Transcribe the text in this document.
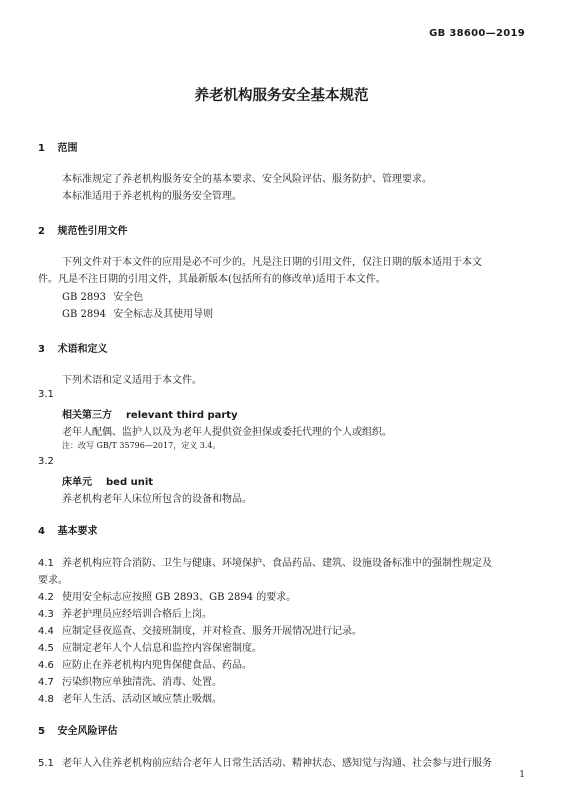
GB 38600—2019
养老机构服务安全基本规范
1 范围
本标准规定了养老机构服务安全的基本要求、安全风险评估、服务防护、管理要求。
本标准适用于养老机构的服务安全管理。
2 规范性引用文件
下列文件对于本文件的应用是必不可少的。凡是注日期的引用文件，仅注日期的版本适用于本文
件。凡是不注日期的引用文件，其最新版本(包括所有的修改单)适用于本文件。
GB 2893 安全色
GB 2894 安全标志及其使用导则
3 术语和定义
下列术语和定义适用于本文件。
3.1
相关第三方 relevant third party
老年人配偶、监护人以及为老年人提供资金担保或委托代理的个人或组织。
注：改写 GB/T 35796—2017，定义 3.4。
3.2
床单元 bed unit
养老机构老年人床位所包含的设备和物品。
4 基本要求
4.1 养老机构应符合消防、卫生与健康、环境保护、食品药品、建筑、设施设备标准中的强制性规定及
要求。
4.2 使用安全标志应按照 GB 2893、GB 2894 的要求。
4.3 养老护理员应经培训合格后上岗。
4.4 应制定昼夜巡查、交接班制度，并对检查、服务开展情况进行记录。
4.5 应制定老年人个人信息和监控内容保密制度。
4.6 应防止在养老机构内兜售保健食品、药品。
4.7 污染织物应单独清洗、消毒、处置。
4.8 老年人生活、活动区域应禁止吸烟。
5 安全风险评估
5.1 老年人入住养老机构前应结合老年人日常生活活动、精神状态、感知觉与沟通、社会参与进行服务
1
